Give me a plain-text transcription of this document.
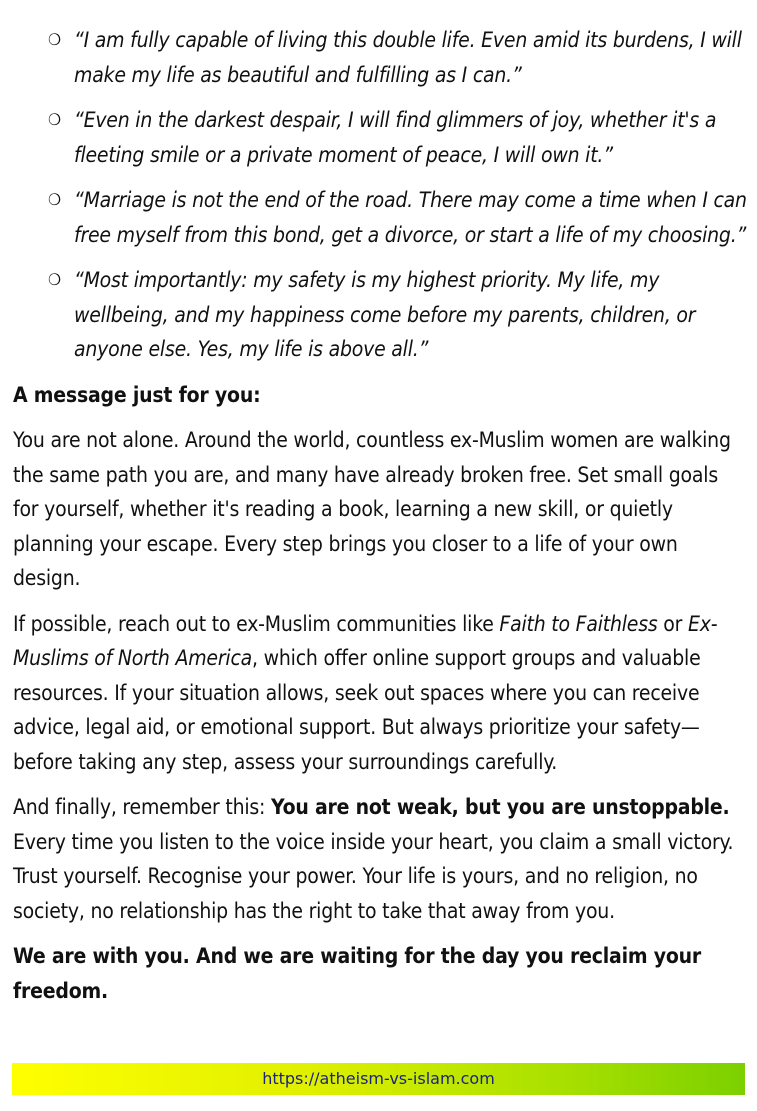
❍ “I am fully capable of living this double life. Even amid its burdens, I will make my life as beautiful and fulfilling as I can.”
❍ “Even in the darkest despair, I will find glimmers of joy, whether it's a fleeting smile or a private moment of peace, I will own it.”
❍ “Marriage is not the end of the road. There may come a time when I can free myself from this bond, get a divorce, or start a life of my choosing.”
❍ “Most importantly: my safety is my highest priority. My life, my wellbeing, and my happiness come before my parents, children, or anyone else. Yes, my life is above all.”

A message just for you:

You are not alone. Around the world, countless ex-Muslim women are walking the same path you are, and many have already broken free. Set small goals for yourself, whether it's reading a book, learning a new skill, or quietly planning your escape. Every step brings you closer to a life of your own design.

If possible, reach out to ex-Muslim communities like Faith to Faithless or Ex-Muslims of North America, which offer online support groups and valuable resources. If your situation allows, seek out spaces where you can receive advice, legal aid, or emotional support. But always prioritize your safety—before taking any step, assess your surroundings carefully.

And finally, remember this: You are not weak, but you are unstoppable. Every time you listen to the voice inside your heart, you claim a small victory. Trust yourself. Recognise your power. Your life is yours, and no religion, no society, no relationship has the right to take that away from you.

We are with you. And we are waiting for the day you reclaim your freedom.

https://atheism-vs-islam.com
